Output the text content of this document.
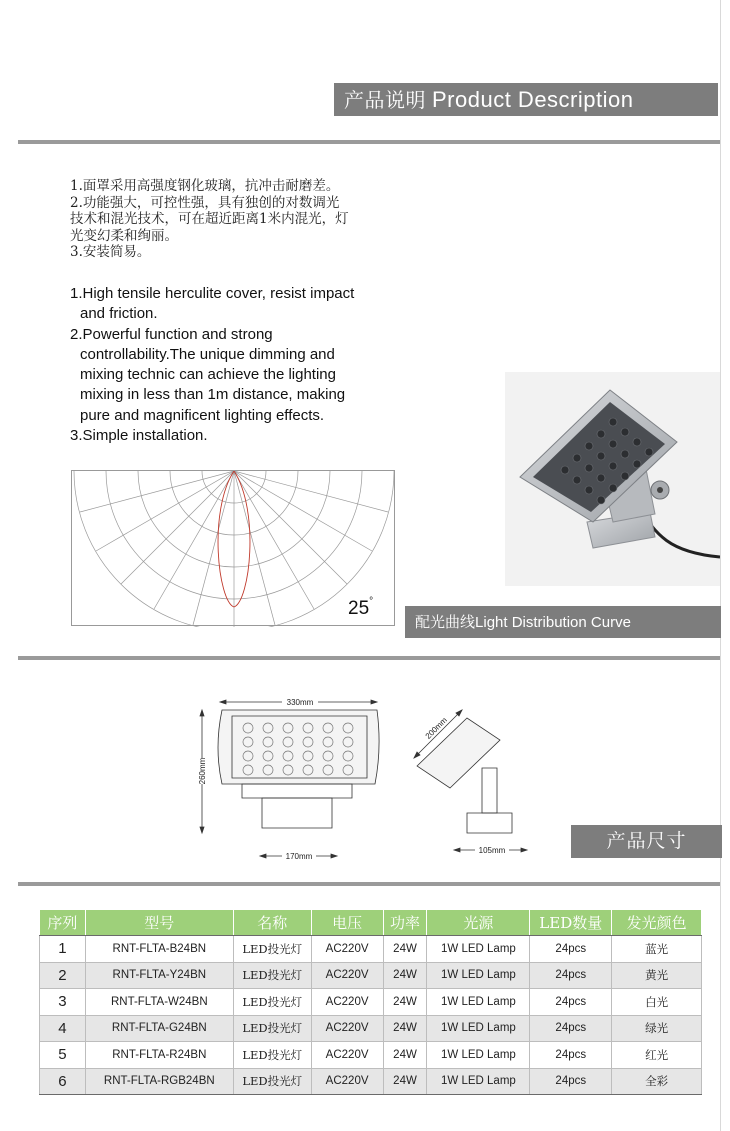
产品说明 Product Description
1.面罩采用高强度钢化玻璃，抗冲击耐磨差。
2.功能强大，可控性强，具有独创的对数调光
技术和混光技术，可在超近距离1米内混光，灯
光变幻柔和绚丽。
3.安装简易。
1.High tensile herculite cover, resist impact
and friction.
2.Powerful function and strong
controllability.The unique dimming and
mixing technic can achieve the lighting
mixing in less than 1m distance, making
pure and magnificent lighting effects.
3.Simple installation.
25°
配光曲线Light Distribution Curve
330mm
260mm
170mm
200mm
105mm	产品尺寸
序列	型号	名称	电压	功率	光源	LED数量	发光颜色
1	RNT-FLTA-B24BN	LED投光灯	AC220V	24W	1W LED Lamp	24pcs	蓝光
2	RNT-FLTA-Y24BN	LED投光灯	AC220V	24W	1W LED Lamp	24pcs	黄光
3	RNT-FLTA-W24BN	LED投光灯	AC220V	24W	1W LED Lamp	24pcs	白光
4	RNT-FLTA-G24BN	LED投光灯	AC220V	24W	1W LED Lamp	24pcs	绿光
5	RNT-FLTA-R24BN	LED投光灯	AC220V	24W	1W LED Lamp	24pcs	红光
6	RNT-FLTA-RGB24BN	LED投光灯	AC220V	24W	1W LED Lamp	24pcs	全彩
